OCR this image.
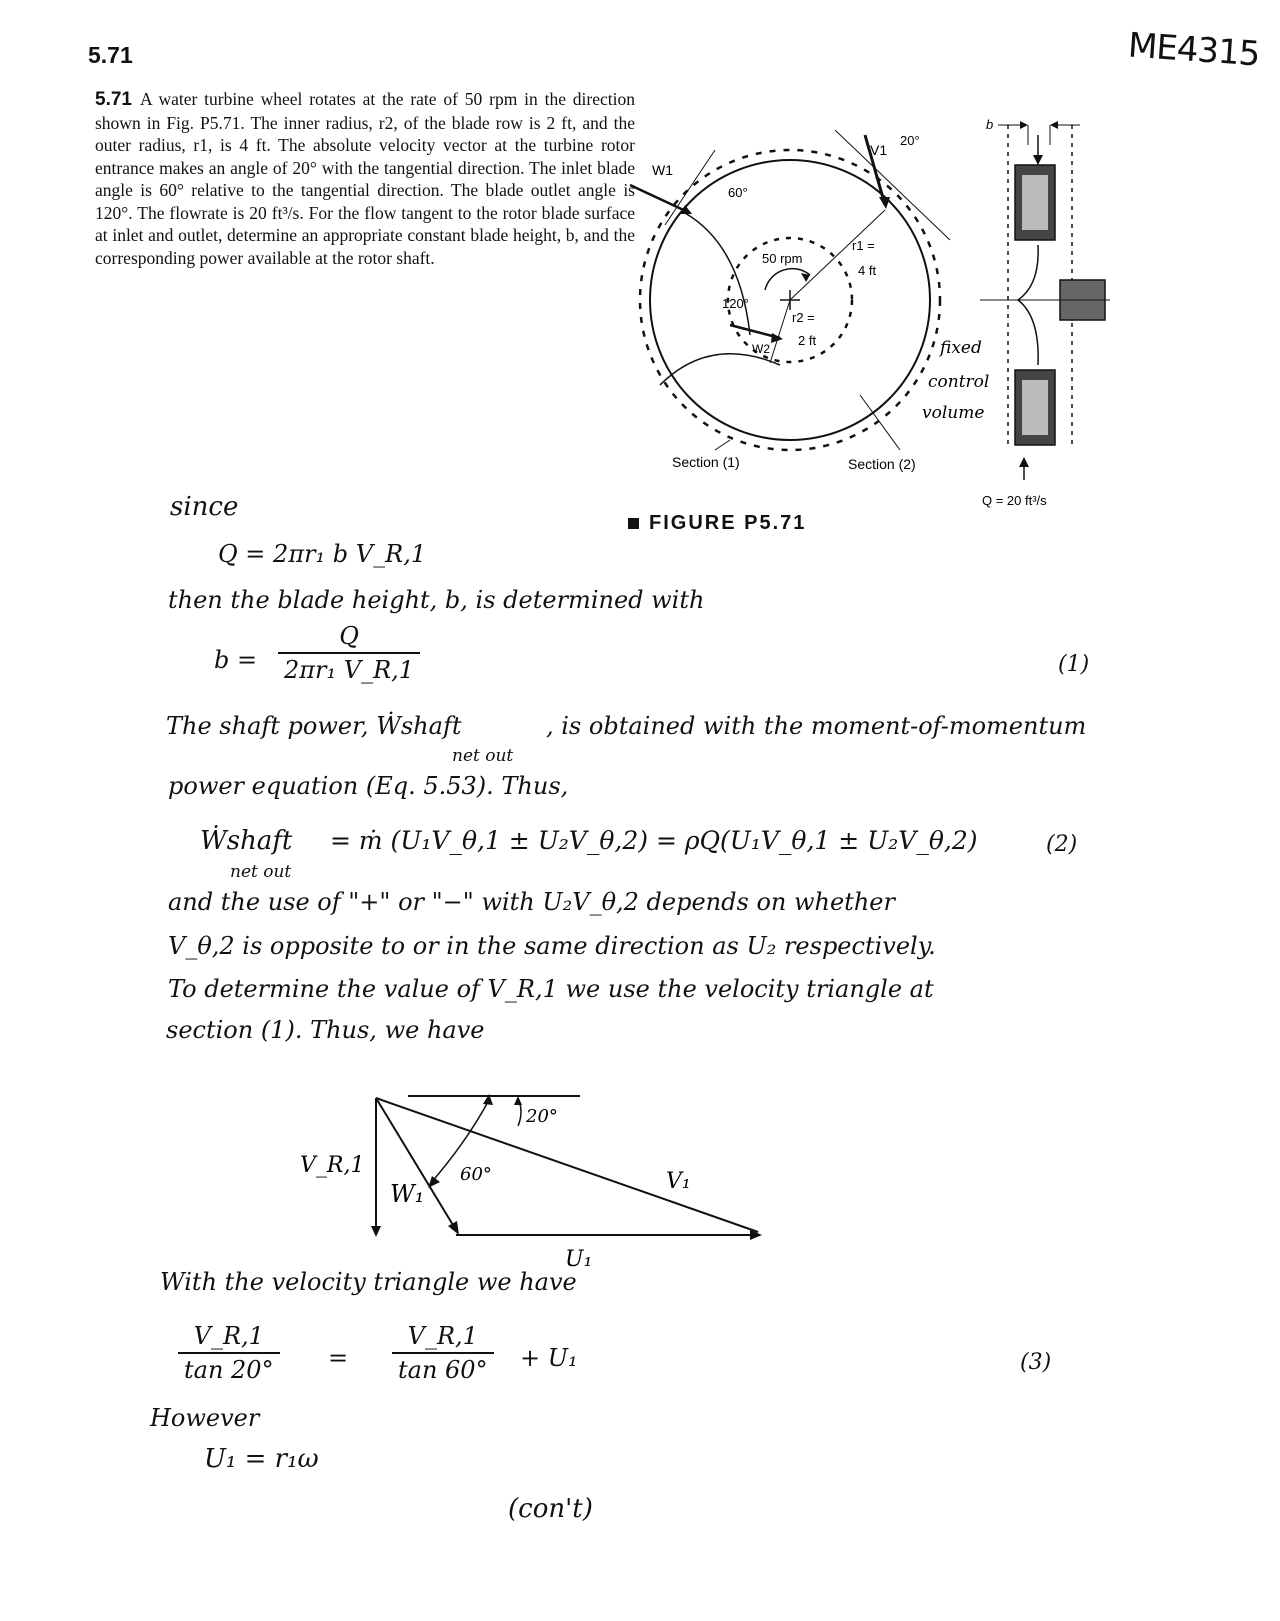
5.71	ME4315
5.71 A water turbine wheel rotates at the rate of 50 rpm in the direction shown in Fig. P5.71. The inner radius, r2, of the blade row is 2 ft, and the outer radius, r1, is 4 ft. The absolute velocity vector at the turbine rotor entrance makes an angle of 20° with the tangential direction. The inlet blade angle is 60° relative to the tangential direction. The blade outlet angle is 120°. The flowrate is 20 ft³/s. For the flow tangent to the rotor blade surface at inlet and outlet, determine an appropriate constant blade height, b, and the corresponding power available at the rotor shaft.
W1
V1
20°
60°
50 rpm
r1 =
4 ft
r2 =
2 ft
120°
W2
Section (1)	Section (2)
b
Q = 20 ft³/s
fixed
control
volume
FIGURE P5.71
since
Q = 2πr₁ b V_R,1
then the blade height, b, is determined with
$b = \frac{Q}{\text{2πr₁ V\_R,1}}$	(1)
The shaft power, Ẇshaft
net out
, is obtained with the moment-of-momentum
power equation (Eq. 5.53). Thus,
Ẇshaft
net out
= ṁ (U₁V_θ,1 ± U₂V_θ,2) = ρQ(U₁V_θ,1 ± U₂V_θ,2)	(2)
and the use of "+" or "−" with U₂V_θ,2 depends on whether
V_θ,2 is opposite to or in the same direction as U₂ respectively.
To determine the value of V_R,1 we use the velocity triangle at
section (1). Thus, we have
V_R,1
W₁	V₁
U₁
20°
60°
With the velocity triangle we have
$\frac{V\_R,1}{\tan 20^\circ} = \frac{V\_R,1}{\tan 60^\circ} + U_1$	(3)
However
U₁ = r₁ω
(con't)
